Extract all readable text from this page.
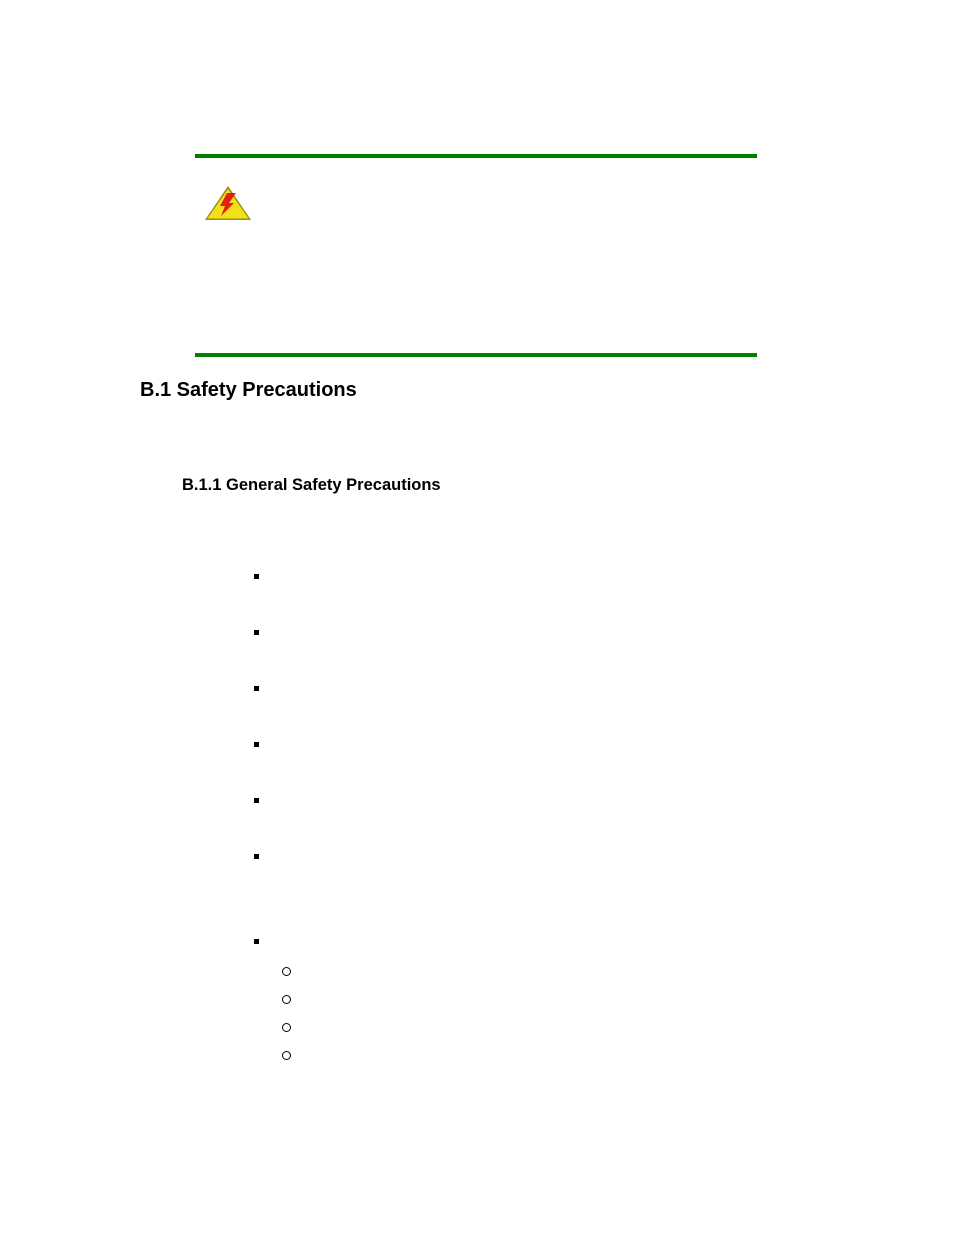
B.1 Safety Precautions
B.1.1 General Safety Precautions
